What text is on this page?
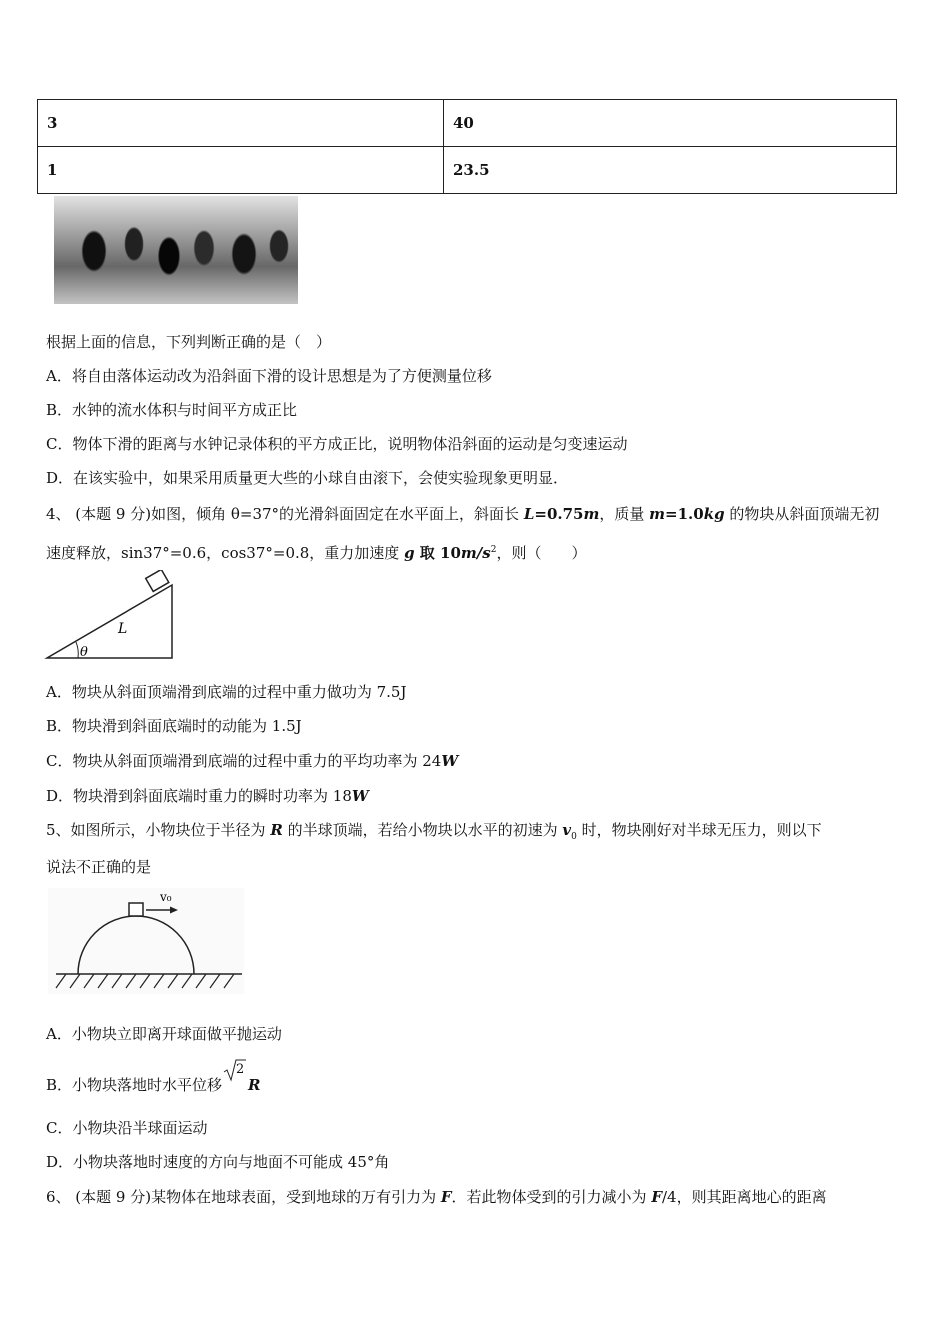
3	40
1	23.5
根据上面的信息，下列判断正确的是（　）
A．将自由落体运动改为沿斜面下滑的设计思想是为了方便测量位移
B．水钟的流水体积与时间平方成正比
C．物体下滑的距离与水钟记录体积的平方成正比，说明物体沿斜面的运动是匀变速运动
D．在该实验中，如果采用质量更大些的小球自由滚下，会使实验现象更明显．
4、 (本题 9 分)如图，倾角 θ=37°的光滑斜面固定在水平面上，斜面长 L=0.75m，质量 m=1.0kg 的物块从斜面顶端无初
速度释放，sin37°=0.6，cos37°=0.8，重力加速度 g 取 $10m/s^2$，则（　　）
L
θ
A．物块从斜面顶端滑到底端的过程中重力做功为 7.5J
B．物块滑到斜面底端时的动能为 1.5J
C．物块从斜面顶端滑到底端的过程中重力的平均功率为 24W
D．物块滑到斜面底端时重力的瞬时功率为 18W
5、如图所示，小物块位于半径为 R 的半球顶端，若给小物块以水平的初速为 $v_0$ 时，物块刚好对半球无压力，则以下
说法不正确的是
v₀
A．小物块立即离开球面做平抛运动
B．小物块落地时水平位移
2
R
C．小物块沿半球面运动
D．小物块落地时速度的方向与地面不可能成 45°角
6、 (本题 9 分)某物体在地球表面，受到地球的万有引力为 F．若此物体受到的引力减小为 F/4，则其距离地心的距离
